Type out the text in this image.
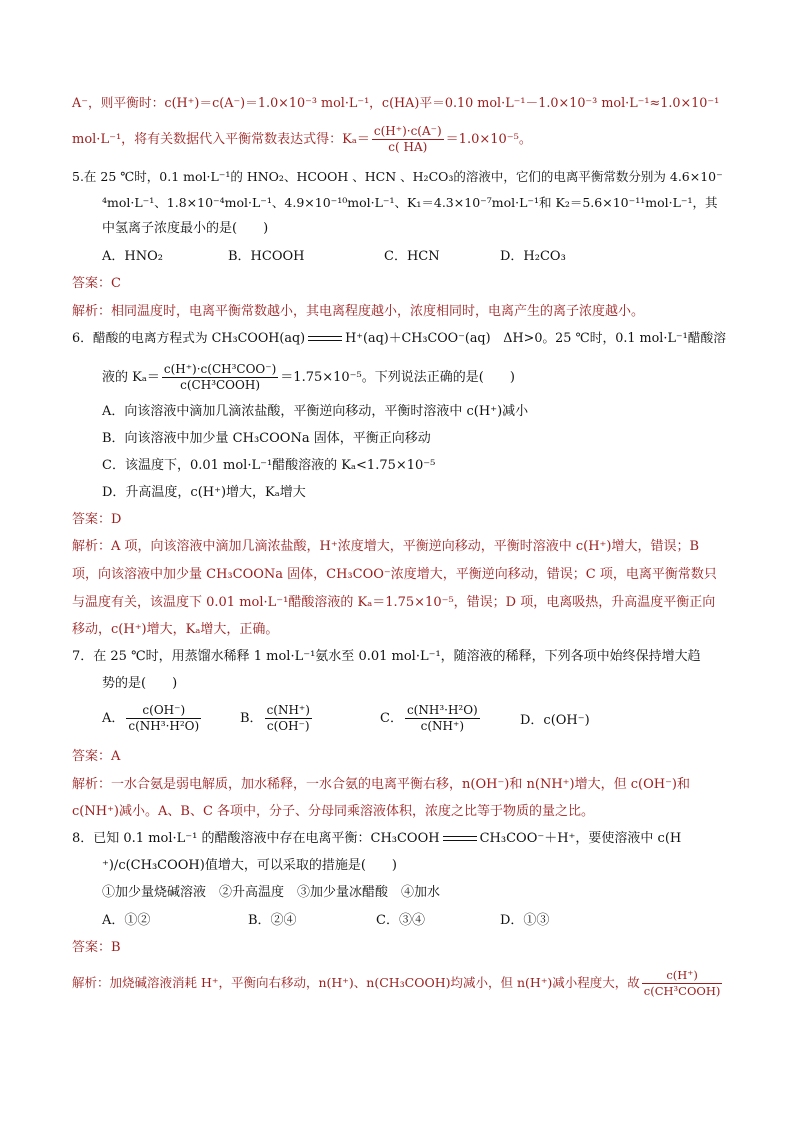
A⁻，则平衡时：c(H⁺)＝c(A⁻)＝1.0×10⁻³ mol·L⁻¹，c(HA)平＝0.10 mol·L⁻¹－1.0×10⁻³ mol·L⁻¹≈1.0×10⁻¹
mol·L⁻¹，将有关数据代入平衡常数表达式得：$K_a= \frac{c(H^+)\cdot c(A^-)}{c( HA)} =1.0\times 10^{-5}$。
5.在 25 ℃时，0.1 mol·L⁻¹的 HNO₂、HCOOH 、HCN 、H₂CO₃的溶液中，它们的电离平衡常数分别为 4.6×10⁻
⁴mol·L⁻¹、1.8×10⁻⁴mol·L⁻¹、4.9×10⁻¹⁰mol·L⁻¹、K₁＝4.3×10⁻⁷mol·L⁻¹和 K₂＝5.6×10⁻¹¹mol·L⁻¹，其
中氢离子浓度最小的是(　　)
A．HNO₂	B．HCOOH	C．HCN	D．H₂CO₃
答案：C
解析：相同温度时，电离平衡常数越小，其电离程度越小，浓度相同时，电离产生的离子浓度越小。
6．醋酸的电离方程式为 CH₃COOH(aq)	H⁺(aq)＋CH₃COO⁻(aq)　ΔH>0。25 ℃时，0.1 mol·L⁻¹醋酸溶
液的 $K_a= \frac{\text{c(H⁺)·c(CH³COO⁻)}}{\text{c(CH³COOH)}} =1.75\times 10^{-5}$。下列说法正确的是(　　)
A．向该溶液中滴加几滴浓盐酸，平衡逆向移动，平衡时溶液中 c(H⁺)减小
B．向该溶液中加少量 CH₃COONa 固体，平衡正向移动
C．该温度下，0.01 mol·L⁻¹醋酸溶液的 Kₐ<1.75×10⁻⁵
D．升高温度，c(H⁺)增大，Kₐ增大
答案：D
解析：A 项，向该溶液中滴加几滴浓盐酸，H⁺浓度增大，平衡逆向移动，平衡时溶液中 c(H⁺)增大，错误；B
项，向该溶液中加少量 CH₃COONa 固体，CH₃COO⁻浓度增大，平衡逆向移动，错误；C 项，电离平衡常数只
与温度有关，该温度下 0.01 mol·L⁻¹醋酸溶液的 Kₐ＝1.75×10⁻⁵，错误；D 项，电离吸热，升高温度平衡正向
移动，c(H⁺)增大，Kₐ增大，正确。
7．在 25 ℃时，用蒸馏水稀释 1 mol·L⁻¹氨水至 0.01 mol·L⁻¹，随溶液的稀释，下列各项中始终保持增大趋
势的是(　　)
A． $\frac{c(OH^-)}{\text{c(NH³·H²O)}}$	B． $\frac{c(NH^+)}{c(OH^-)}$	C． $\frac{\text{c(NH³·H²O)}}{c(NH^+)}$	D．c(OH⁻)
答案：A
解析：一水合氨是弱电解质，加水稀释，一水合氨的电离平衡右移，n(OH⁻)和 n(NH⁺)增大，但 c(OH⁻)和
c(NH⁺)减小。A、B、C 各项中，分子、分母同乘溶液体积，浓度之比等于物质的量之比。
8．已知 0.1 mol·L⁻¹ 的醋酸溶液中存在电离平衡：CH₃COOH	CH₃COO⁻＋H⁺，要使溶液中 c(H
⁺)/c(CH₃COOH)值增大，可以采取的措施是(　　)
①加少量烧碱溶液　②升高温度　③加少量冰醋酸　④加水
A．①②	B．②④	C．③④	D．①③
答案：B
解析：加烧碱溶液消耗 H⁺，平衡向右移动，n(H⁺)、n(CH₃COOH)均减小，但 n(H⁺)减小程度大，故 $\frac{c(H^+)}{\text{c(CH³COOH)}}$
